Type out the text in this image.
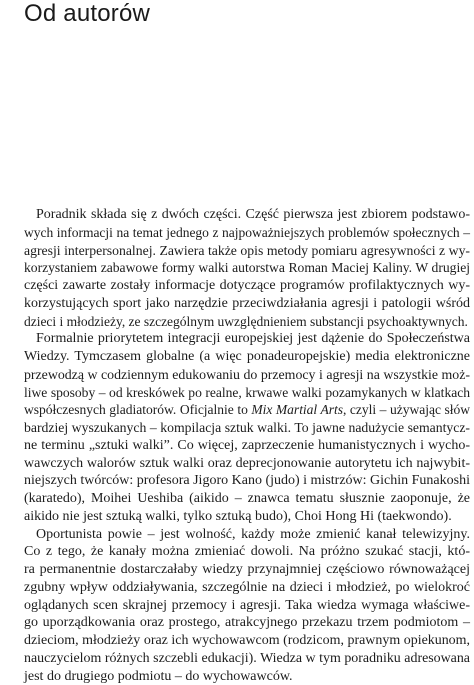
Od autorów
Poradnik składa się z dwóch części. Część pierwsza jest zbiorem podstawo-
wych informacji na temat jednego z najpoważniejszych problemów społecznych –
agresji interpersonalnej. Zawiera także opis metody pomiaru agresywności z wy-
korzystaniem zabawowe formy walki autorstwa Roman Maciej Kaliny. W drugiej
części zawarte zostały informacje dotyczące programów profilaktycznych wy-
korzystujących sport jako narzędzie przeciwdziałania agresji i patologii wśród
dzieci i młodzieży, ze szczególnym uwzględnieniem substancji psychoaktywnych.
Formalnie priorytetem integracji europejskiej jest dążenie do Społeczeństwa
Wiedzy. Tymczasem globalne (a więc ponadeuropejskie) media elektroniczne
przewodzą w codziennym edukowaniu do przemocy i agresji na wszystkie moż-
liwe sposoby – od kreskówek po realne, krwawe walki pozamykanych w klatkach
współczesnych gladiatorów. Oficjalnie to Mix Martial Arts, czyli – używając słów
bardziej wyszukanych – kompilacja sztuk walki. To jawne nadużycie semantycz-
ne terminu „sztuki walki”. Co więcej, zaprzeczenie humanistycznych i wycho-
wawczych walorów sztuk walki oraz deprecjonowanie autorytetu ich najwybit-
niejszych twórców: profesora Jigoro Kano (judo) i mistrzów: Gichin Funakoshi
(karatedo), Moihei Ueshiba (aikido – znawca tematu słusznie zaoponuje, że
aikido nie jest sztuką walki, tylko sztuką budo), Choi Hong Hi (taekwondo).
Oportunista powie – jest wolność, każdy może zmienić kanał telewizyjny.
Co z tego, że kanały można zmieniać dowoli. Na próżno szukać stacji, któ-
ra permanentnie dostarczałaby wiedzy przynajmniej częściowo równoważącej
zgubny wpływ oddziaływania, szczególnie na dzieci i młodzież, po wielokroć
oglądanych scen skrajnej przemocy i agresji. Taka wiedza wymaga właściwe-
go uporządkowania oraz prostego, atrakcyjnego przekazu trzem podmiotom –
dzieciom, młodzieży oraz ich wychowawcom (rodzicom, prawnym opiekunom,
nauczycielom różnych szczebli edukacji). Wiedza w tym poradniku adresowana
jest do drugiego podmiotu – do wychowawców.
